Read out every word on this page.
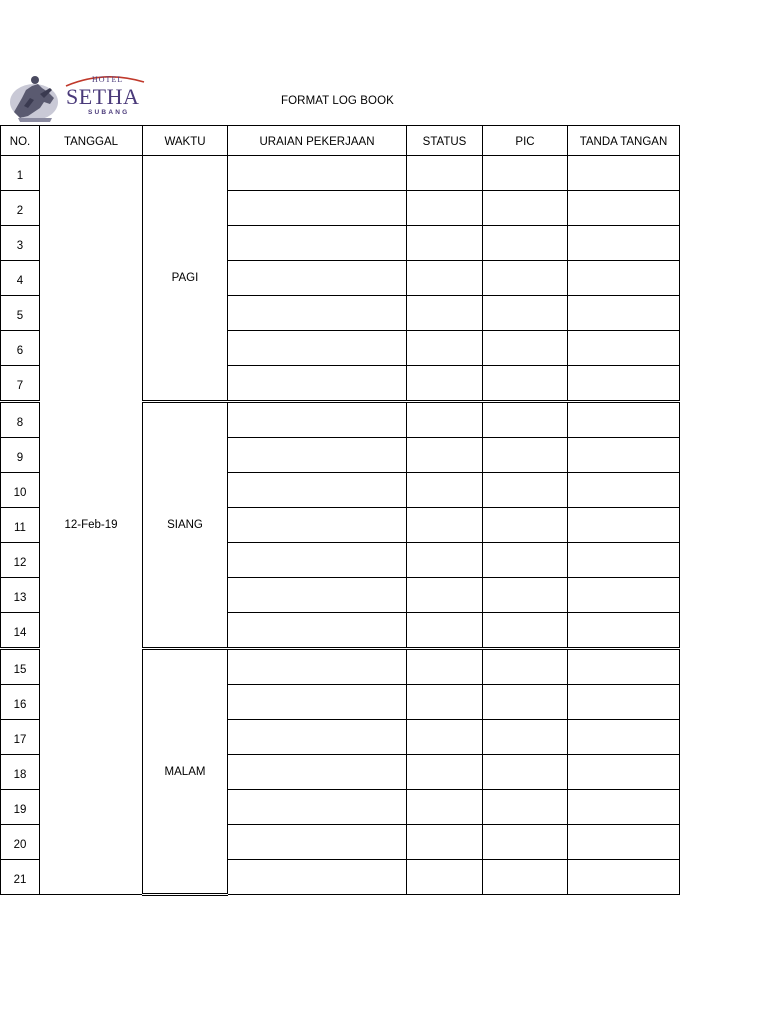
HOTEL
SETHA
SUBANG
FORMAT LOG BOOK
NO.	TANGGAL	WAKTU	URAIAN PEKERJAAN	STATUS	PIC	TANDA TANGAN
1	12-Feb-19	PAGI				
2						
3						
4						
5						
6						
7						
8		SIANG				
9						
10						
11						
12						
13						
14						
15		MALAM				
16						
17						
18						
19						
20						
21						
